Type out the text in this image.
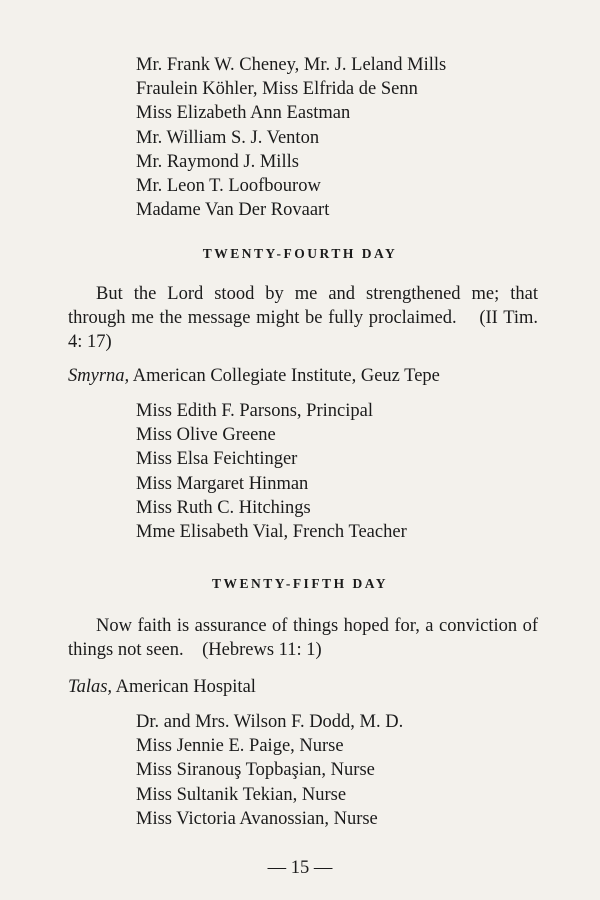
Mr. Frank W. Cheney, Mr. J. Leland Mills
Fraulein Köhler, Miss Elfrida de Senn
Miss Elizabeth Ann Eastman
Mr. William S. J. Venton
Mr. Raymond J. Mills
Mr. Leon T. Loofbourow
Madame Van Der Rovaart
TWENTY-FOURTH DAY
But the Lord stood by me and strengthened me; that through me the message might be fully proclaimed. (II Tim. 4: 17)
Smyrna, American Collegiate Institute, Geuz Tepe
Miss Edith F. Parsons, Principal
Miss Olive Greene
Miss Elsa Feichtinger
Miss Margaret Hinman
Miss Ruth C. Hitchings
Mme Elisabeth Vial, French Teacher
TWENTY-FIFTH DAY
Now faith is assurance of things hoped for, a conviction of things not seen. (Hebrews 11: 1)
Talas, American Hospital
Dr. and Mrs. Wilson F. Dodd, M. D.
Miss Jennie E. Paige, Nurse
Miss Siranouş Topbaşian, Nurse
Miss Sultanik Tekian, Nurse
Miss Victoria Avanossian, Nurse
— 15 —
